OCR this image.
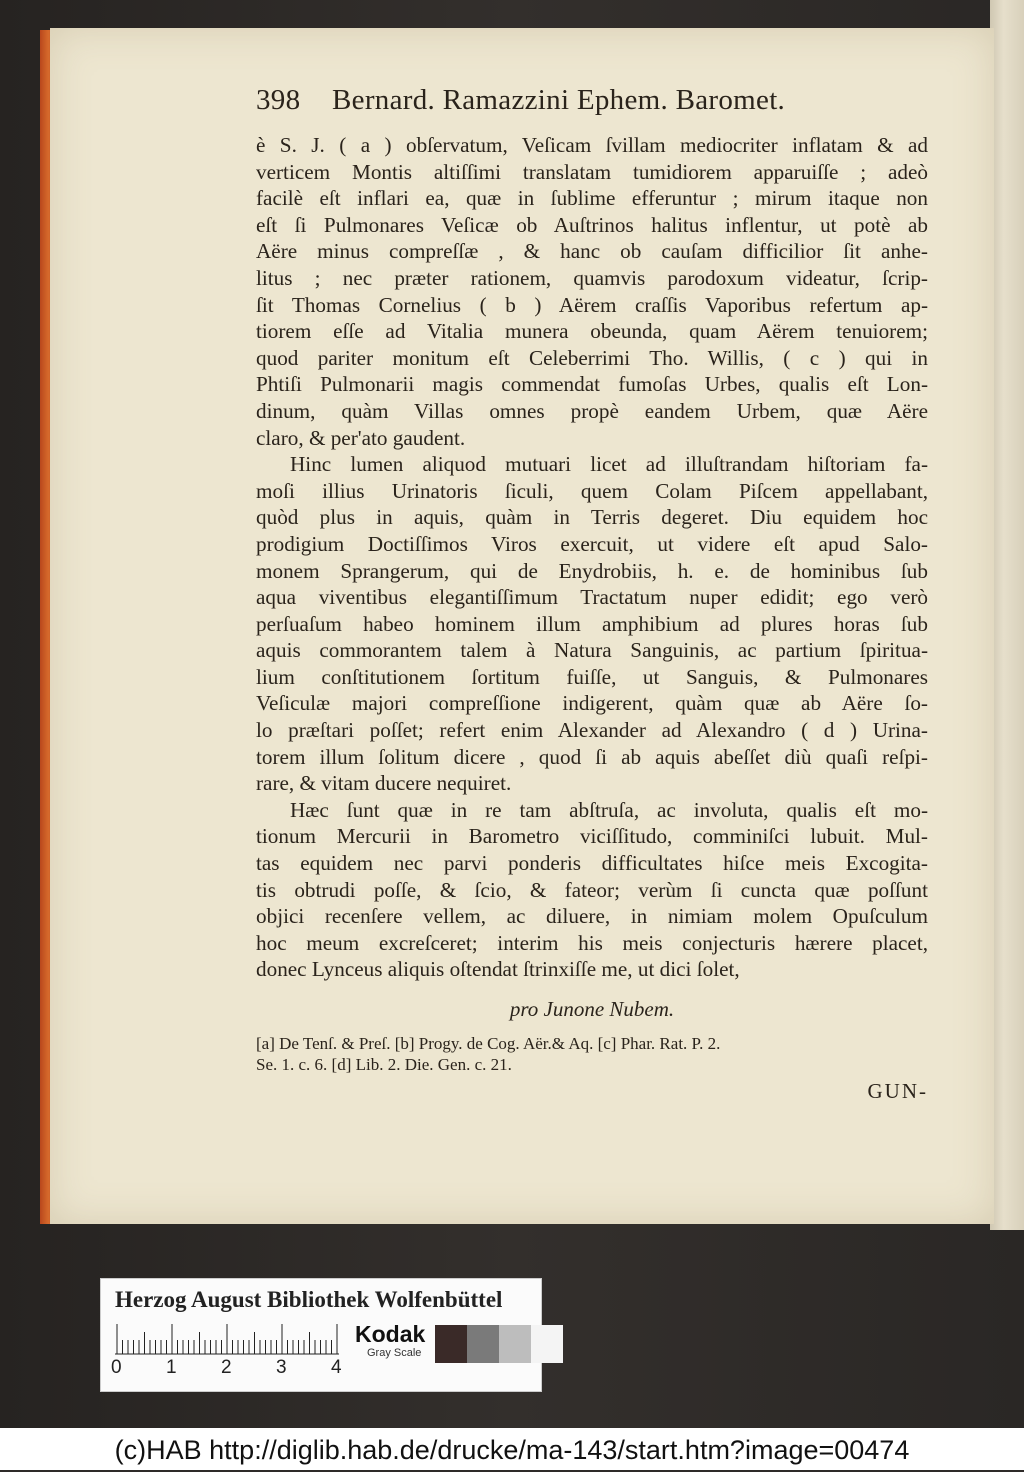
398	Bernard. Ramazzini Ephem. Baromet.
è S. J. ( a ) obſervatum, Veſicam ſvillam mediocriter inflatam & ad
verticem Montis altiſſimi translatam tumidiorem apparuiſſe ; adeò
facilè eſt inflari ea, quæ in ſublime efferuntur ; mirum itaque non
eſt ſi Pulmonares Veſicæ ob Auſtrinos halitus inflentur, ut potè ab
Aëre minus compreſſæ , & hanc ob cauſam difficilior ſit anhe-
litus ; nec præter rationem, quamvis parodoxum videatur, ſcrip-
ſit Thomas Cornelius ( b ) Aërem craſſis Vaporibus refertum ap-
tiorem eſſe ad Vitalia munera obeunda, quam Aërem tenuiorem;
quod pariter monitum eſt Celeberrimi Tho. Willis, ( c ) qui in
Phtiſi Pulmonarii magis commendat fumoſas Urbes, qualis eſt Lon-
dinum, quàm Villas omnes propè eandem Urbem, quæ Aëre
claro, & per'ato gaudent.
Hinc lumen aliquod mutuari licet ad illuſtrandam hiſtoriam fa-
moſi illius Urinatoris ſiculi, quem Colam Piſcem appellabant,
quòd plus in aquis, quàm in Terris degeret. Diu equidem hoc
prodigium Doctiſſimos Viros exercuit, ut videre eſt apud Salo-
monem Sprangerum, qui de Enydrobiis, h. e. de hominibus ſub
aqua viventibus elegantiſſimum Tractatum nuper edidit; ego verò
perſuaſum habeo hominem illum amphibium ad plures horas ſub
aquis commorantem talem à Natura Sanguinis, ac partium ſpiritua-
lium conſtitutionem ſortitum fuiſſe, ut Sanguis, & Pulmonares
Veſiculæ majori compreſſione indigerent, quàm quæ ab Aëre ſo-
lo præſtari poſſet; refert enim Alexander ad Alexandro ( d ) Urina-
torem illum ſolitum dicere , quod ſi ab aquis abeſſet diù quaſi reſpi-
rare, & vitam ducere nequiret.
Hæc ſunt quæ in re tam abſtruſa, ac involuta, qualis eſt mo-
tionum Mercurii in Barometro viciſſitudo, comminiſci lubuit. Mul-
tas equidem nec parvi ponderis difficultates hiſce meis Excogita-
tis obtrudi poſſe, & ſcio, & fateor; verùm ſi cuncta quæ poſſunt
objici recenſere vellem, ac diluere, in nimiam molem Opuſculum
hoc meum excreſceret; interim his meis conjecturis hærere placet,
donec Lynceus aliquis oſtendat ſtrinxiſſe me, ut dici ſolet,
pro Junone Nubem.
[a] De Tenſ. & Preſ. [b] Progy. de Cog. Aër.& Aq. [c] Phar. Rat. P. 2.
Se. 1. c. 6. [d] Lib. 2. Die. Gen. c. 21.
GUN-
Herzog August Bibliothek Wolfenbüttel
0 1 2 3 4
Kodak
Gray Scale
(c)HAB http://diglib.hab.de/drucke/ma-143/start.htm?image=00474
